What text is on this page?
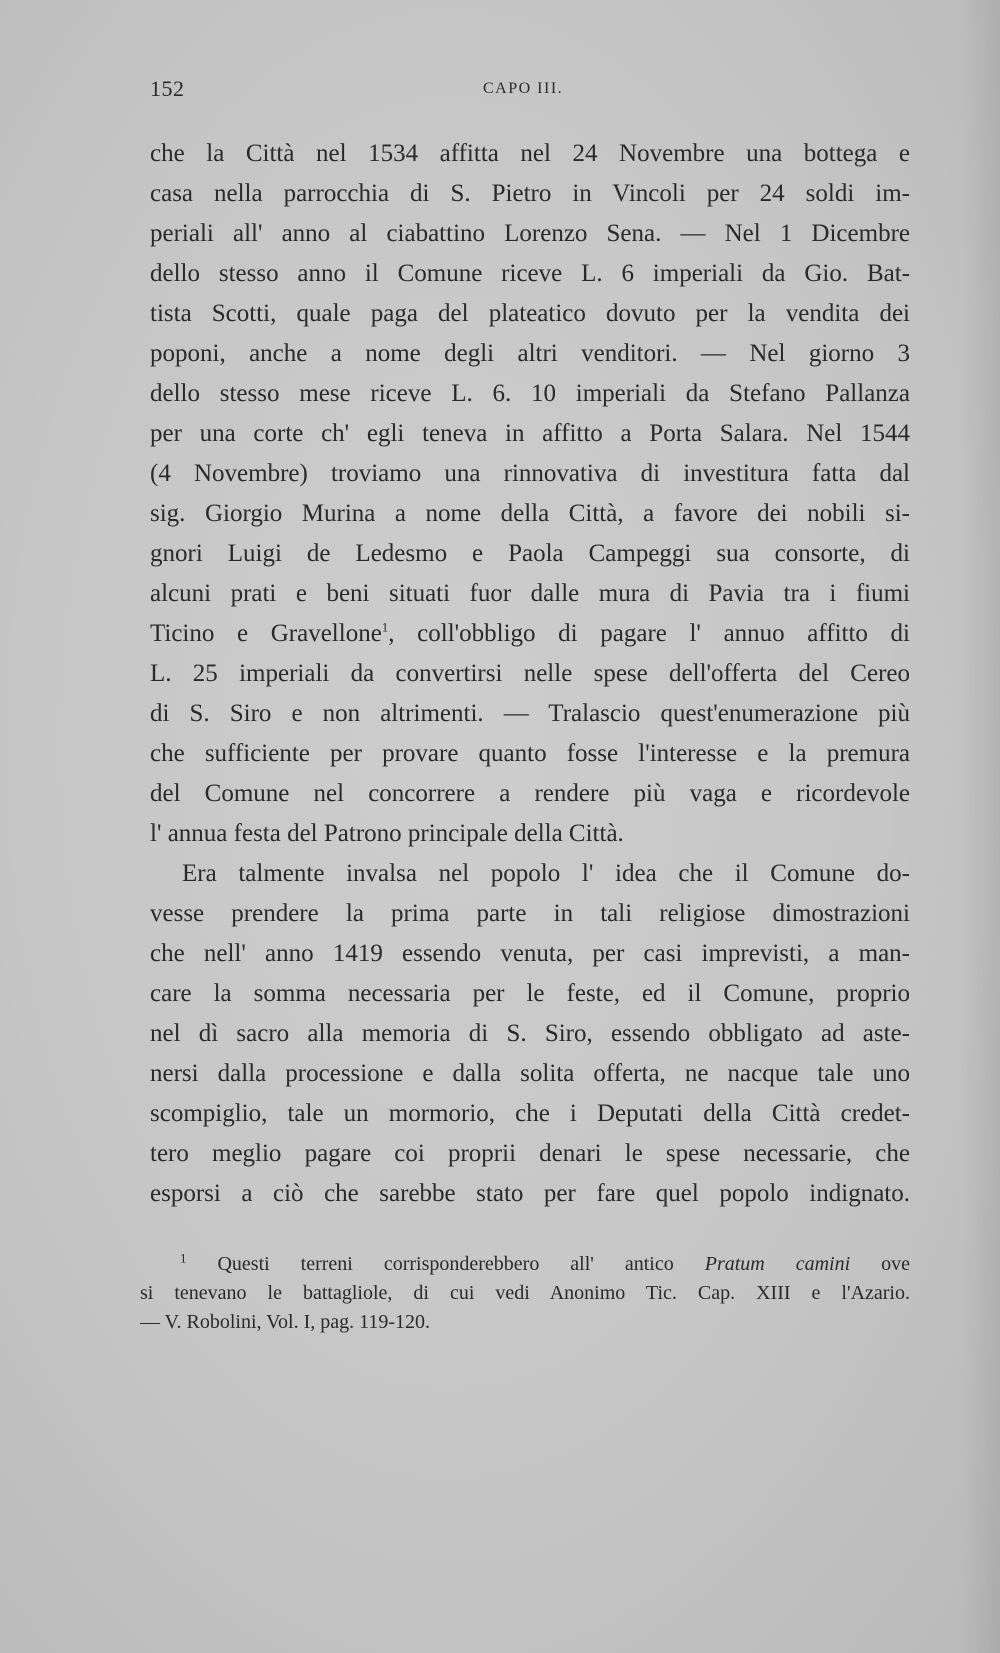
152	CAPO III.
che la Città nel 1534 affitta nel 24 Novembre una bottega e
casa nella parrocchia di S. Pietro in Vincoli per 24 soldi im-
periali all' anno al ciabattino Lorenzo Sena. — Nel 1 Dicembre
dello stesso anno il Comune riceve L. 6 imperiali da Gio. Bat-
tista Scotti, quale paga del plateatico dovuto per la vendita dei
poponi, anche a nome degli altri venditori. — Nel giorno 3
dello stesso mese riceve L. 6. 10 imperiali da Stefano Pallanza
per una corte ch' egli teneva in affitto a Porta Salara. Nel 1544
(4 Novembre) troviamo una rinnovativa di investitura fatta dal
sig. Giorgio Murina a nome della Città, a favore dei nobili si-
gnori Luigi de Ledesmo e Paola Campeggi sua consorte, di
alcuni prati e beni situati fuor dalle mura di Pavia tra i fiumi
Ticino e Gravellone$^1$, coll'obbligo di pagare l' annuo affitto di
L. 25 imperiali da convertirsi nelle spese dell'offerta del Cereo
di S. Siro e non altrimenti. — Tralascio quest'enumerazione più
che sufficiente per provare quanto fosse l'interesse e la premura
del Comune nel concorrere a rendere più vaga e ricordevole
l' annua festa del Patrono principale della Città.
Era talmente invalsa nel popolo l' idea che il Comune do-
vesse prendere la prima parte in tali religiose dimostrazioni
che nell' anno 1419 essendo venuta, per casi imprevisti, a man-
care la somma necessaria per le feste, ed il Comune, proprio
nel dì sacro alla memoria di S. Siro, essendo obbligato ad aste-
nersi dalla processione e dalla solita offerta, ne nacque tale uno
scompiglio, tale un mormorio, che i Deputati della Città credet-
tero meglio pagare coi proprii denari le spese necessarie, che
esporsi a ciò che sarebbe stato per fare quel popolo indignato.
$^1$ Questi terreni corrisponderebbero all' antico Pratum camini ove
si tenevano le battagliole, di cui vedi Anonimo Tic. Cap. XIII e l'Azario.
— V. Robolini, Vol. I, pag. 119-120.
